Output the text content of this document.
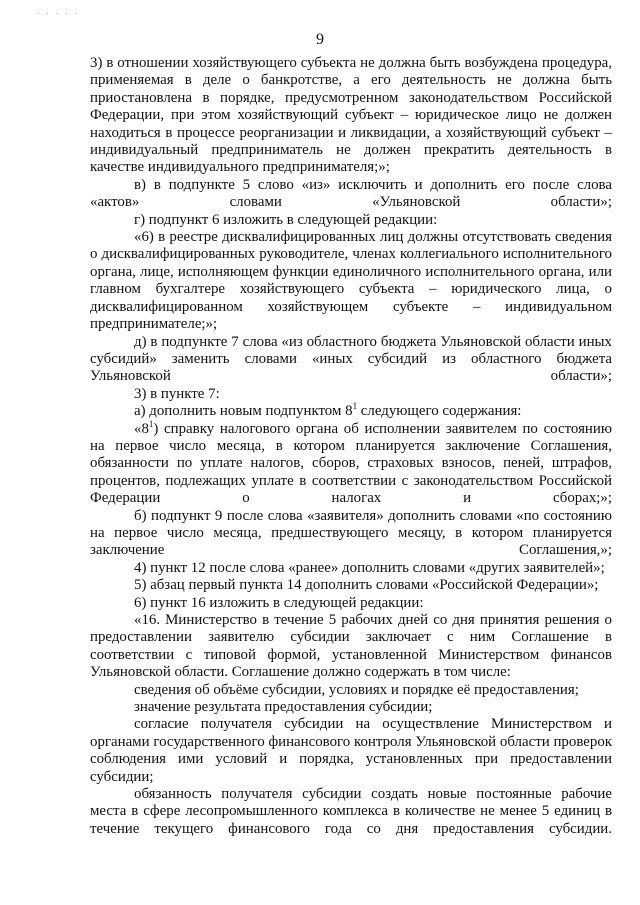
· · · · ·
9

3) в отношении хозяйствующего субъекта не должна быть возбуждена процедура, применяемая в деле о банкротстве, а его деятельность не должна быть приостановлена в порядке, предусмотренном законодательством Российской Федерации, при этом хозяйствующий субъект – юридическое лицо не должен находиться в процессе реорганизации и ликвидации, а хозяйствующий субъект – индивидуальный предприниматель не должен прекратить деятельность в качестве индивидуального предпринимателя;»;

в) в подпункте 5 слово «из» исключить и дополнить его после слова «актов» словами «Ульяновской области»;

г) подпункт 6 изложить в следующей редакции:

«6) в реестре дисквалифицированных лиц должны отсутствовать сведения о дисквалифицированных руководителе, членах коллегиального исполнительного органа, лице, исполняющем функции единоличного исполнительного органа, или главном бухгалтере хозяйствующего субъекта – юридического лица, о дисквалифицированном хозяйствующем субъекте – индивидуальном предпринимателе;»;

д) в подпункте 7 слова «из областного бюджета Ульяновской области иных субсидий» заменить словами «иных субсидий из областного бюджета Ульяновской области»;

3) в пункте 7:

а) дополнить новым подпунктом $8^1$ следующего содержания:

«$8^1$) справку налогового органа об исполнении заявителем по состоянию на первое число месяца, в котором планируется заключение Соглашения, обязанности по уплате налогов, сборов, страховых взносов, пеней, штрафов, процентов, подлежащих уплате в соответствии с законодательством Российской Федерации о налогах и сборах;»;

б) подпункт 9 после слова «заявителя» дополнить словами «по состоянию на первое число месяца, предшествующего месяцу, в котором планируется заключение Соглашения,»;

4) пункт 12 после слова «ранее» дополнить словами «других заявителей»;

5) абзац первый пункта 14 дополнить словами «Российской Федерации»;

6) пункт 16 изложить в следующей редакции:

«16. Министерство в течение 5 рабочих дней со дня принятия решения о предоставлении заявителю субсидии заключает с ним Соглашение в соответствии с типовой формой, установленной Министерством финансов Ульяновской области. Соглашение должно содержать в том числе:

сведения об объёме субсидии, условиях и порядке её предоставления;

значение результата предоставления субсидии;

согласие получателя субсидии на осуществление Министерством и органами государственного финансового контроля Ульяновской области проверок соблюдения ими условий и порядка, установленных при предоставлении субсидии;

обязанность получателя субсидии создать новые постоянные рабочие места в сфере лесопромышленного комплекса в количестве не менее 5 единиц в течение текущего финансового года со дня предоставления субсидии.
